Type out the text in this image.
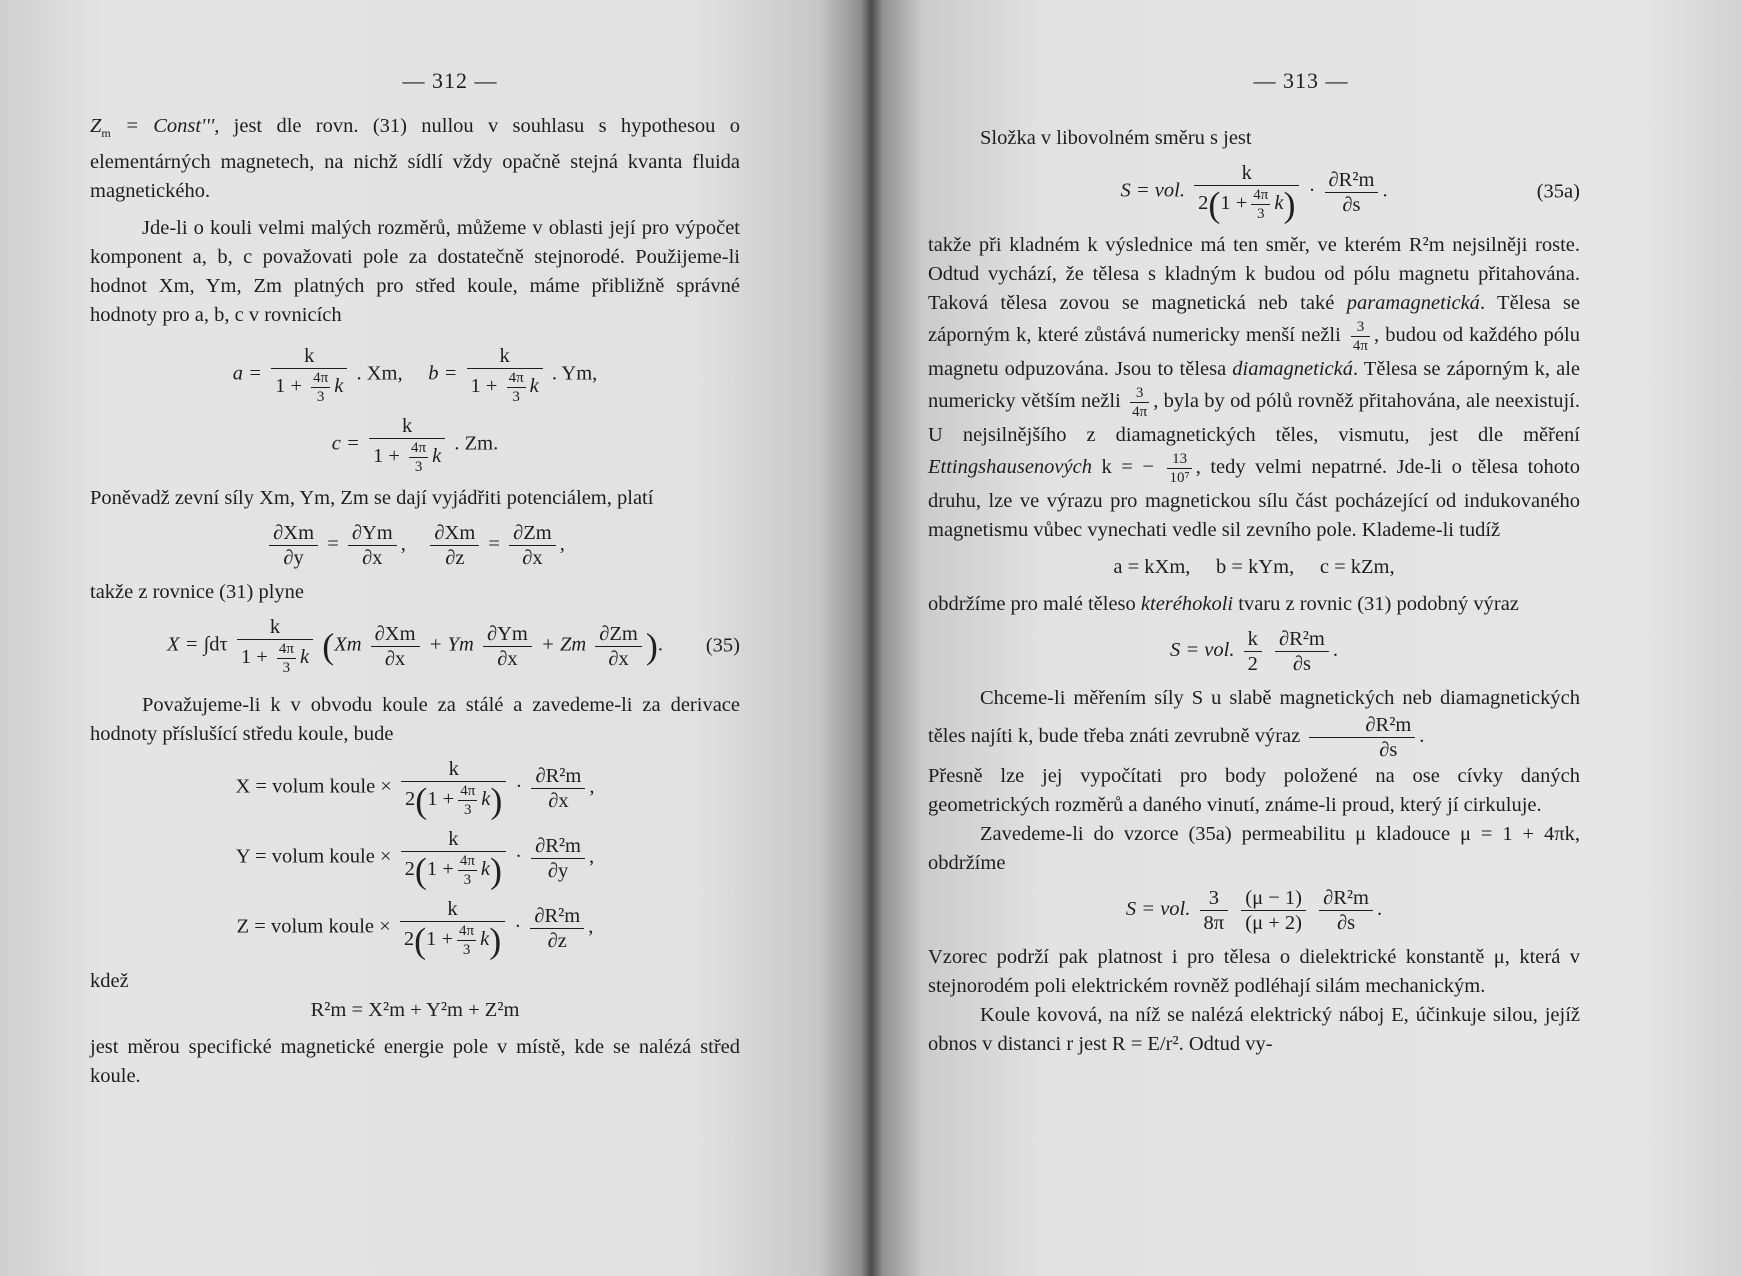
— 312 —

$Z_m$ = Const''', jest dle rovn. (31) nullou v souhlasu s hypothesou o elementárných magnetech, na nichž sídlí vždy opačně stejná kvanta fluida magnetického.

Jde-li o kouli velmi malých rozměrů, můžeme v oblasti její pro výpočet komponent a, b, c považovati pole za dostatečně stejnorodé. Použijeme-li hodnot Xm, Ym, Zm platných pro střed koule, máme přibližně správné hodnoty pro a, b, c v rovnicích

$a = \frac{k}{1 + \frac{4\pi}{3} k}$ . Xm, $b = \frac{k}{1 + \frac{4\pi}{3} k}$ . Ym,
$c = \frac{k}{1 + \frac{4\pi}{3} k}$ . Zm.

Poněvadž zevní síly Xm, Ym, Zm se dají vyjádřiti potenciálem, platí

$\frac{\partial Xm}{\partial y} = \frac{\partial Ym}{\partial x}$ , $\frac{\partial Xm}{\partial z} = \frac{\partial Zm}{\partial x}$ ,

takže z rovnice (31) plyne

$X = \int d\tau \frac{k}{1 + \frac{4\pi}{3} k} (Xm \frac{\partial Xm}{\partial x} + Ym \frac{\partial Ym}{\partial x} + Zm \frac{\partial Zm}{\partial x}$ ). (35)

Považujeme-li k v obvodu koule za stálé a zavedeme-li za derivace hodnoty příslušící středu koule, bude

X = volum koule × $\frac{k}{2(1 + \frac{4\pi}{3} k)} \cdot \frac{\text{∂R²m}}{\partial x}$ ,
Y = volum koule × $\frac{k}{2(1 + \frac{4\pi}{3} k)} \cdot \frac{\text{∂R²m}}{\partial y}$ ,
Z = volum koule × $\frac{k}{2(1 + \frac{4\pi}{3} k)} \cdot \frac{\text{∂R²m}}{\partial z}$ ,

kdež

R²m = X²m + Y²m + Z²m

jest měrou specifické magnetické energie pole v místě, kde se nalézá střed koule.

— 313 —

Složka v libovolném směru s jest

S = vol. $\frac{k}{2(1 + \frac{4\pi}{3} k)} \cdot \frac{\text{∂R²m}}{\partial s}$ .	(35a)

takže při kladném k výslednice má ten směr, ve kterém R²m nejsilněji roste. Odtud vychází, že tělesa s kladným k budou od pólu magnetu přitahována. Taková tělesa zovou se magnetická neb také paramagnetická. Tělesa se záporným k, které zůstává numericky menší nežli $\frac{3}{4\pi}$ , budou od každého pólu magnetu odpuzována. Jsou to tělesa diamagnetická. Tělesa se záporným k, ale numericky větším nežli $\frac{3}{4\pi}$ , byla by od pólů rovněž přitahována, ale neexistují. U nejsilnějšího z diamagnetických těles, vismutu, jest dle měření Ettingshausenových k = − $\frac{13}{\text{10⁷}}$ , tedy velmi nepatrné. Jde-li o tělesa tohoto druhu, lze ve výrazu pro magnetickou sílu část pocházející od indukovaného magnetismu vůbec vynechati vedle sil zevního pole. Klademe-li tudíž

a = kXm,     b = kYm,     c = kZm,

obdržíme pro malé těleso kteréhokoli tvaru z rovnic (31) podobný výraz

S = vol. $\frac{k}{2}$
$\frac{\text{∂R²m}}{\partial s}$ .

Chceme-li měřením síly S u slabě magnetických neb diamagnetických těles najíti k, bude třeba znáti zevrubně výraz $\frac{\text{∂R²m}}{\partial s}$ .

Přesně lze jej vypočítati pro body položené na ose cívky daných geometrických rozměrů a daného vinutí, známe-li proud, který jí cirkuluje.

Zavedeme-li do vzorce (35a) permeabilitu μ kladouce μ = 1 + 4πk, obdržíme

S = vol. $\frac{3}{8\pi}$
$\frac{(\mu - 1)}{(\mu + 2)}$
$\frac{\text{∂R²m}}{\partial s}$ .

Vzorec podrží pak platnost i pro tělesa o dielektrické konstantě μ, která v stejnorodém poli elektrickém rovněž podléhají silám mechanickým.

Koule kovová, na níž se nalézá elektrický náboj E, účinkuje silou, jejíž obnos v distanci r jest R = E/r². Odtud vy-
